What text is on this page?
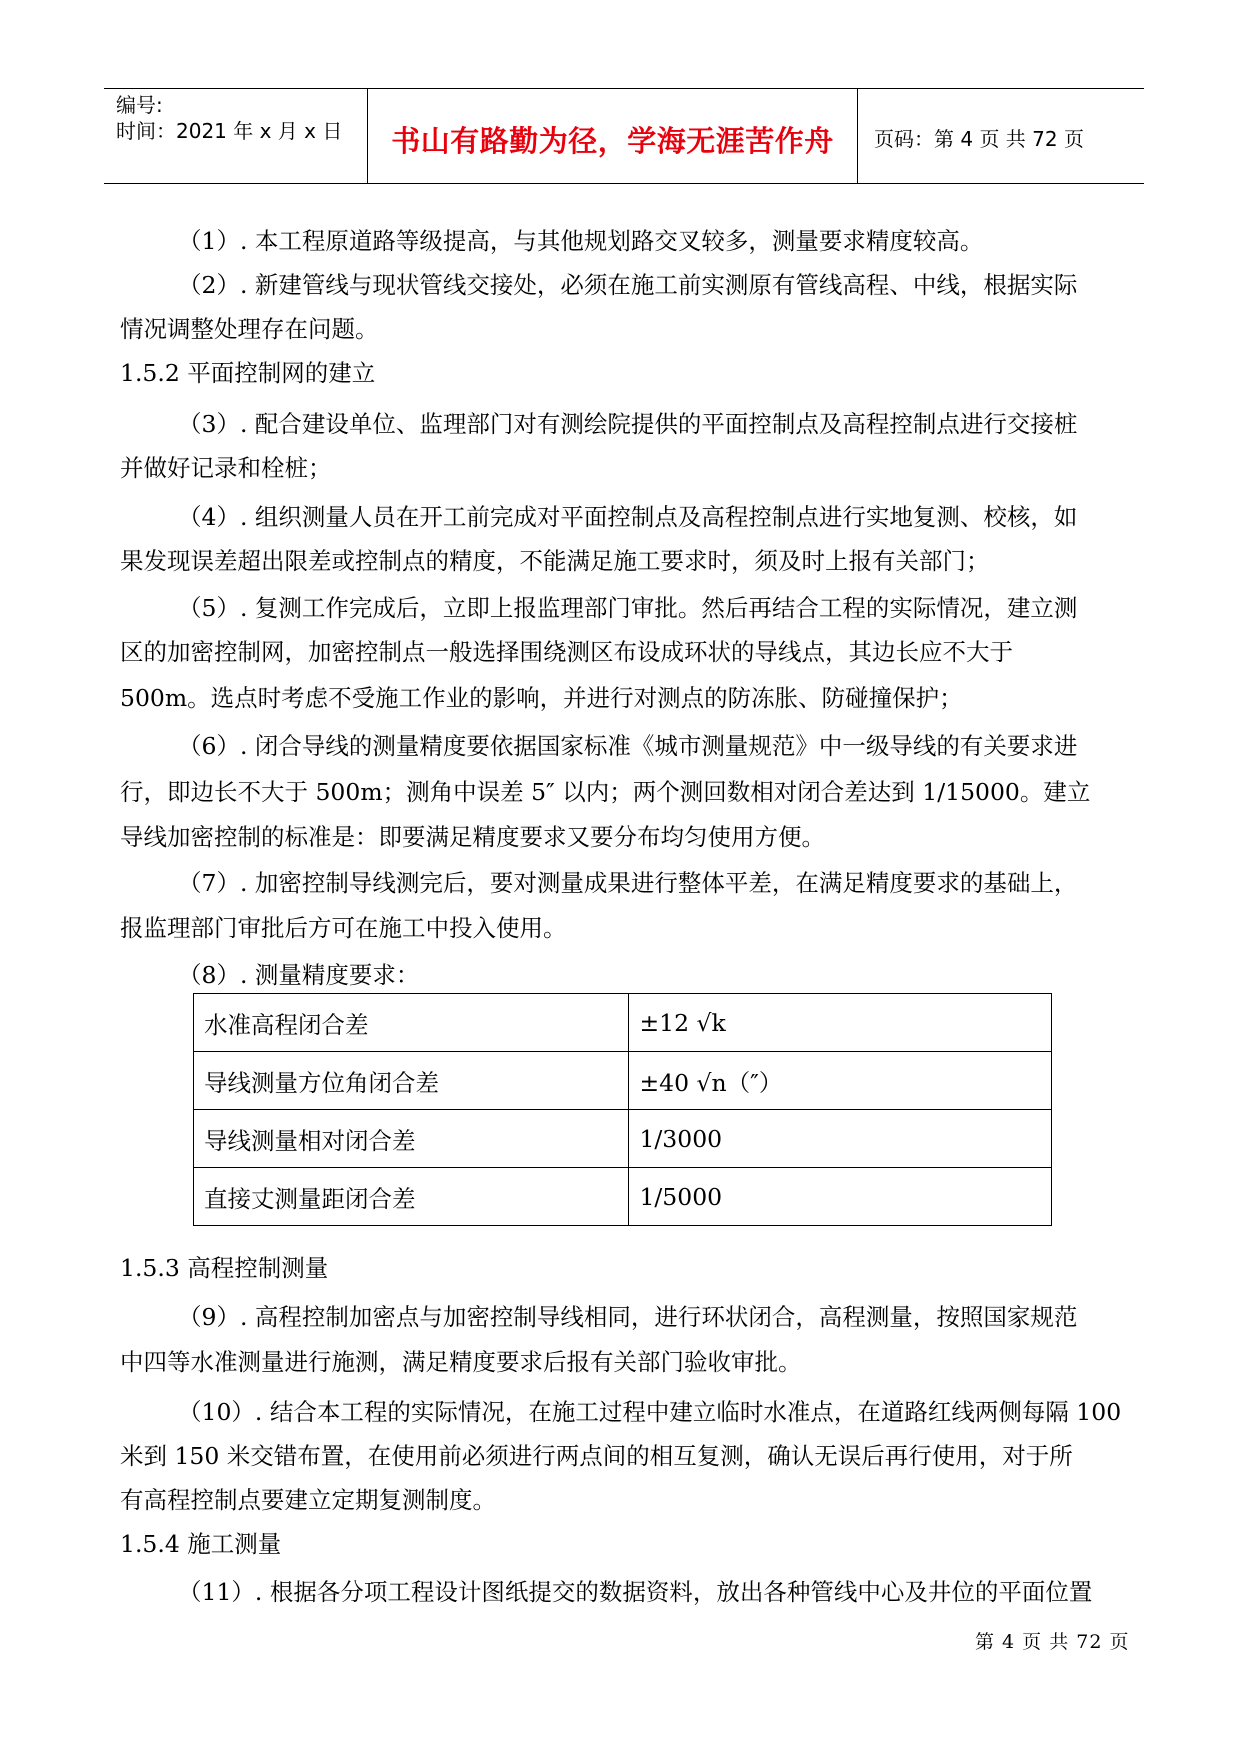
编号:
时间：2021 年 x 月 x 日	书山有路勤为径，学海无涯苦作舟	页码：第 4 页 共 72 页
（1）. 本工程原道路等级提高，与其他规划路交叉较多，测量要求精度较高。
（2）. 新建管线与现状管线交接处，必须在施工前实测原有管线高程、中线，根据实际
情况调整处理存在问题。
1.5.2 平面控制网的建立
（3）. 配合建设单位、监理部门对有测绘院提供的平面控制点及高程控制点进行交接桩
并做好记录和栓桩；
（4）. 组织测量人员在开工前完成对平面控制点及高程控制点进行实地复测、校核，如
果发现误差超出限差或控制点的精度，不能满足施工要求时，须及时上报有关部门；
（5）. 复测工作完成后，立即上报监理部门审批。然后再结合工程的实际情况，建立测
区的加密控制网，加密控制点一般选择围绕测区布设成环状的导线点，其边长应不大于
500m。选点时考虑不受施工作业的影响，并进行对测点的防冻胀、防碰撞保护；
（6）. 闭合导线的测量精度要依据国家标准《城市测量规范》中一级导线的有关要求进
行，即边长不大于 500m；测角中误差 5″ 以内；两个测回数相对闭合差达到 1/15000。建立
导线加密控制的标准是：即要满足精度要求又要分布均匀使用方便。
（7）. 加密控制导线测完后，要对测量成果进行整体平差，在满足精度要求的基础上，
报监理部门审批后方可在施工中投入使用。
（8）. 测量精度要求：
水准高程闭合差	±12 √k
导线测量方位角闭合差	±40 √n（″）
导线测量相对闭合差	1/3000
直接丈测量距闭合差	1/5000
1.5.3 高程控制测量
（9）. 高程控制加密点与加密控制导线相同，进行环状闭合，高程测量，按照国家规范
中四等水准测量进行施测，满足精度要求后报有关部门验收审批。
（10）. 结合本工程的实际情况，在施工过程中建立临时水准点，在道路红线两侧每隔 100
米到 150 米交错布置，在使用前必须进行两点间的相互复测，确认无误后再行使用，对于所
有高程控制点要建立定期复测制度。
1.5.4 施工测量
（11）. 根据各分项工程设计图纸提交的数据资料，放出各种管线中心及井位的平面位置
第 4 页 共 72 页
